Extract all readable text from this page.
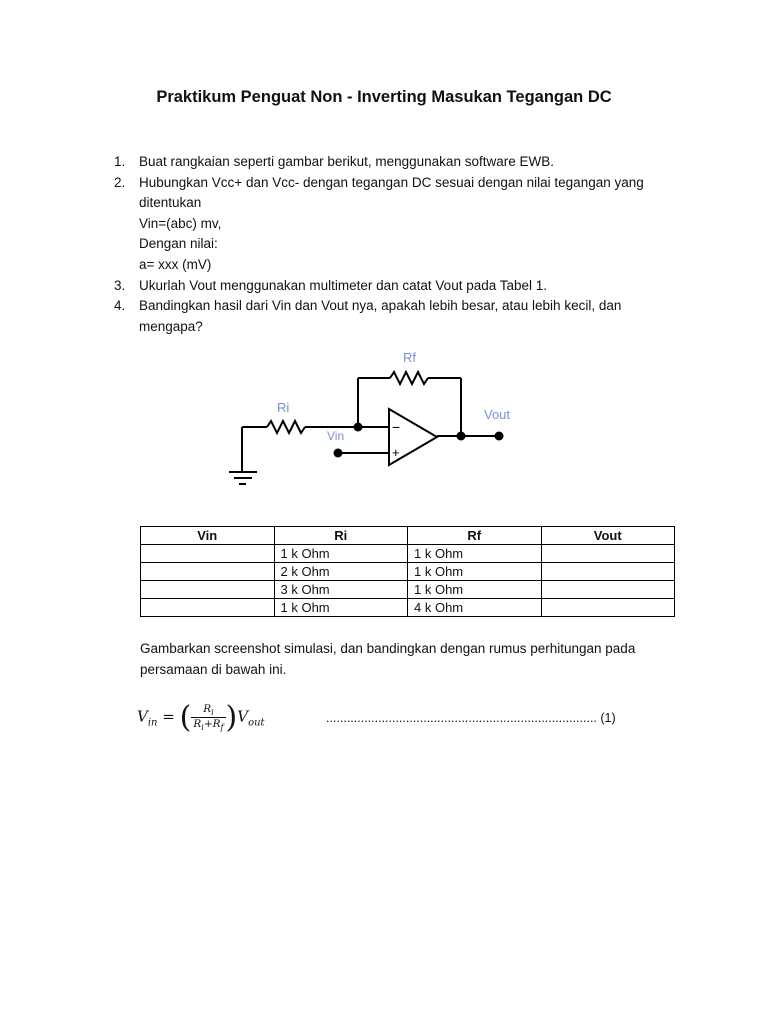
Praktikum Penguat Non - Inverting Masukan Tegangan DC
1. Buat rangkaian seperti gambar berikut, menggunakan software EWB.
2. Hubungkan Vcc+ dan Vcc- dengan tegangan DC sesuai dengan nilai tegangan yang ditentukan
Vin=(abc) mv,
Dengan nilai:
a= xxx (mV)
3. Ukurlah Vout menggunakan multimeter dan catat Vout pada Tabel 1.
4. Bandingkan hasil dari Vin dan Vout nya, apakah lebih besar, atau lebih kecil, dan mengapa?
Rf
Ri
Vin
Vout
−
+
Vin	Ri	Rf	Vout
	1 k Ohm	1 k Ohm	
	2 k Ohm	1 k Ohm	
	3 k Ohm	1 k Ohm	
	1 k Ohm	4 k Ohm	
Gambarkan screenshot simulasi, dan bandingkan dengan rumus perhitungan pada persamaan di bawah ini.
$V_{in}$ = ( $\frac{R_i}{R_i+R_f} )V_{out}$	.............................................................................. (1)
